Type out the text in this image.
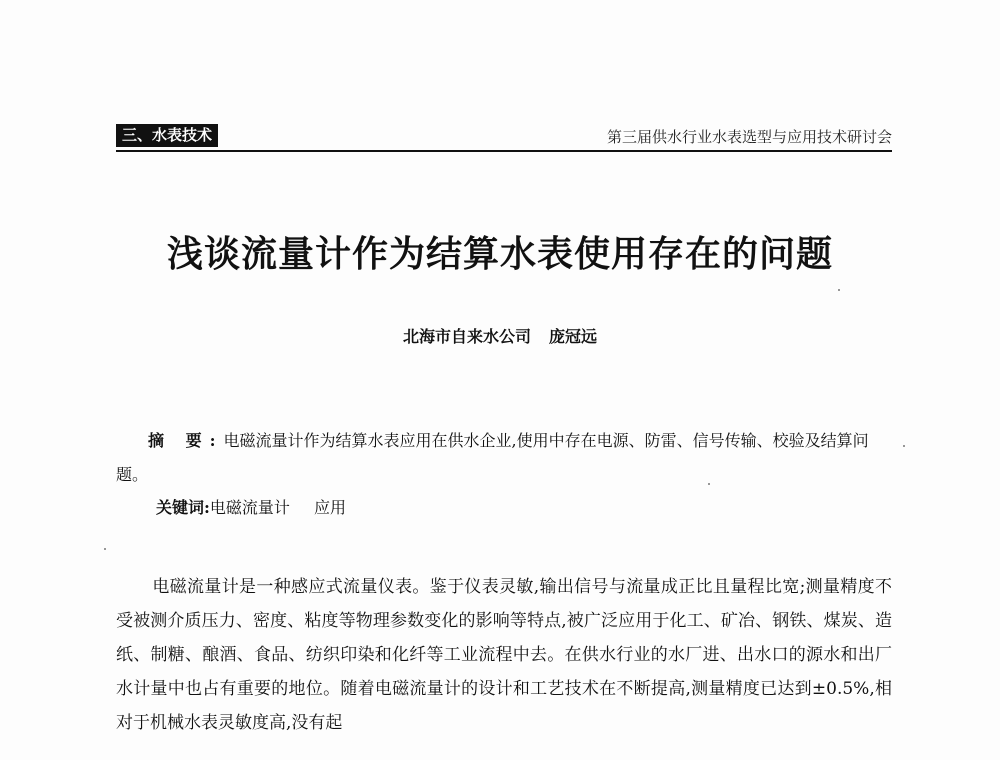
三、水表技术	第三届供水行业水表选型与应用技术研讨会
浅谈流量计作为结算水表使用存在的问题
北海市自来水公司 庞冠远
摘 要:电磁流量计作为结算水表应用在供水企业,使用中存在电源、防雷、信号传输、校验及结算问题。
关键词:电磁流量计 应用
电磁流量计是一种感应式流量仪表。鉴于仪表灵敏,输出信号与流量成正比且量程比宽;测量精度不受被测介质压力、密度、粘度等物理参数变化的影响等特点,被广泛应用于化工、矿冶、钢铁、煤炭、造纸、制糖、酿酒、食品、纺织印染和化纤等工业流程中去。在供水行业的水厂进、出水口的源水和出厂水计量中也占有重要的地位。随着电磁流量计的设计和工艺技术在不断提高,测量精度已达到±0.5%,相对于机械水表灵敏度高,没有起
